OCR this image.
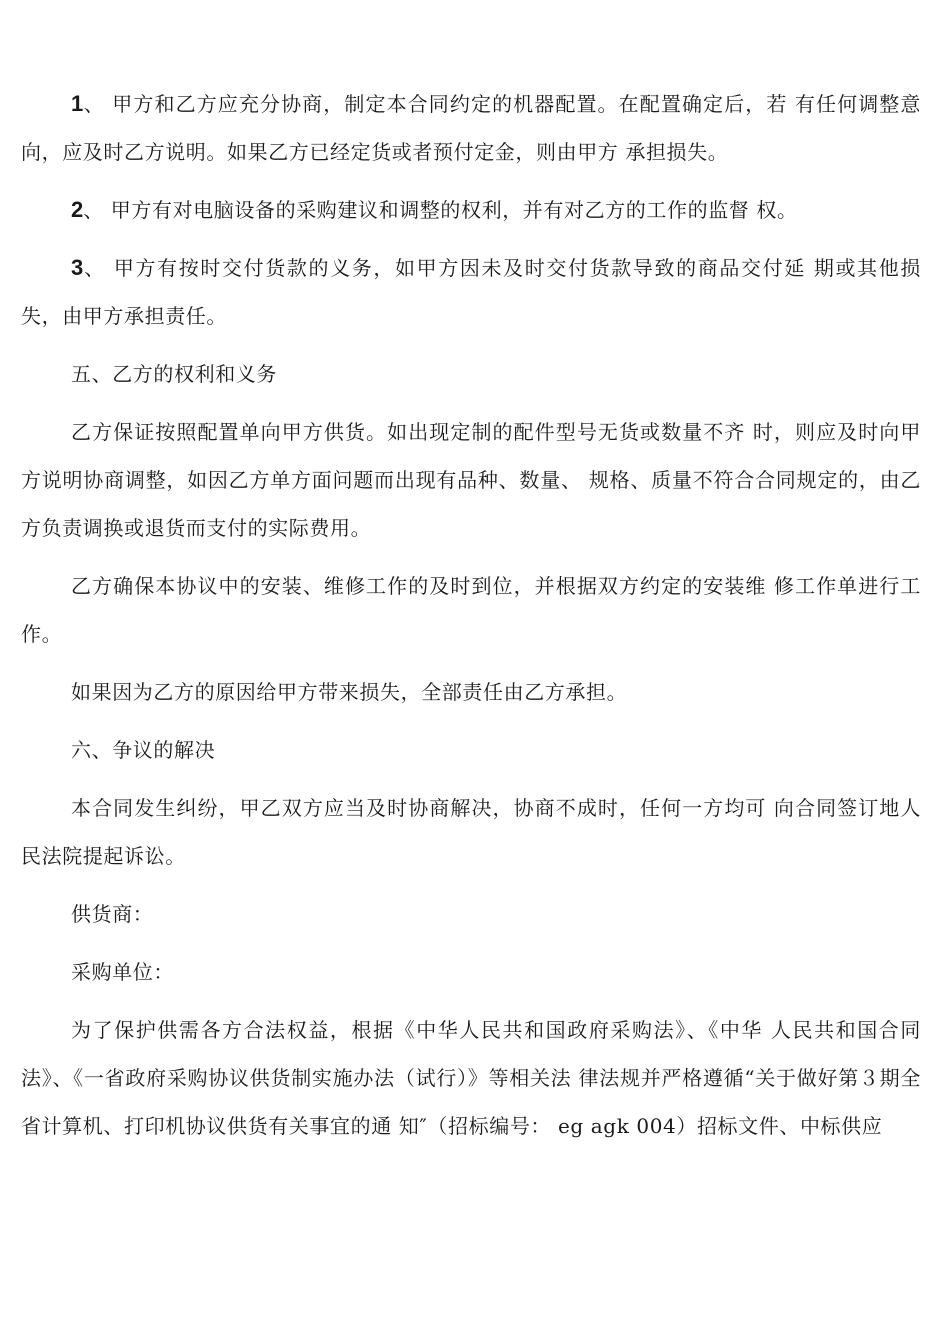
1、 甲方和乙方应充分协商，制定本合同约定的机器配置。在配置确定后，若 有任何调整意向，应及时乙方说明。如果乙方已经定货或者预付定金，则由甲方 承担损失。

2、 甲方有对电脑设备的采购建议和调整的权利，并有对乙方的工作的监督 权。

3、 甲方有按时交付货款的义务，如甲方因未及时交付货款导致的商品交付延 期或其他损失，由甲方承担责任。

五、乙方的权利和义务

乙方保证按照配置单向甲方供货。如出现定制的配件型号无货或数量不齐 时，则应及时向甲方说明协商调整，如因乙方单方面问题而出现有品种、数量、 规格、质量不符合合同规定的，由乙方负责调换或退货而支付的实际费用。

乙方确保本协议中的安装、维修工作的及时到位，并根据双方约定的安装维 修工作单进行工作。

如果因为乙方的原因给甲方带来损失，全部责任由乙方承担。

六、争议的解决

本合同发生纠纷，甲乙双方应当及时协商解决，协商不成时，任何一方均可 向合同签订地人民法院提起诉讼。

供货商：

采购单位：

为了保护供需各方合法权益，根据《中华人民共和国政府采购法》、《中华 人民共和国合同法》、《一省政府采购协议供货制实施办法（试行）》等相关法 律法规并严格遵循“关于做好第３期全省计算机、打印机协议供货有关事宜的通 知″（招标编号： eg agk 004）招标文件、中标供应
